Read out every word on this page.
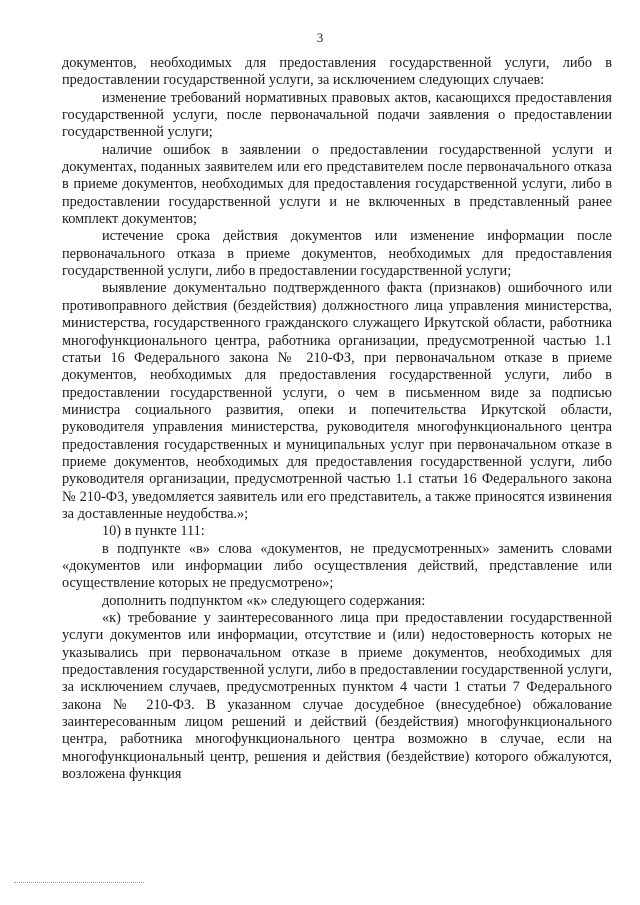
3

документов, необходимых для предоставления государственной услуги, либо в предоставлении государственной услуги, за исключением следующих случаев:

изменение требований нормативных правовых актов, касающихся предоставления государственной услуги, после первоначальной подачи заявления о предоставлении государственной услуги;

наличие ошибок в заявлении о предоставлении государственной услуги и документах, поданных заявителем или его представителем после первоначального отказа в приеме документов, необходимых для предоставления государственной услуги, либо в предоставлении государственной услуги и не включенных в представленный ранее комплект документов;

истечение срока действия документов или изменение информации после первоначального отказа в приеме документов, необходимых для предоставления государственной услуги, либо в предоставлении государственной услуги;

выявление документально подтвержденного факта (признаков) ошибочного или противоправного действия (бездействия) должностного лица управления министерства, министерства, государственного гражданского служащего Иркутской области, работника многофункционального центра, работника организации, предусмотренной частью 1.1 статьи 16 Федерального закона № 210-ФЗ, при первоначальном отказе в приеме документов, необходимых для предоставления государственной услуги, либо в предоставлении государственной услуги, о чем в письменном виде за подписью министра социального развития, опеки и попечительства Иркутской области, руководителя управления министерства, руководителя многофункционального центра предоставления государственных и муниципальных услуг при первоначальном отказе в приеме документов, необходимых для предоставления государственной услуги, либо руководителя организации, предусмотренной частью 1.1 статьи 16 Федерального закона № 210-ФЗ, уведомляется заявитель или его представитель, а также приносятся извинения за доставленные неудобства.»;

10) в пункте 111:

в подпункте «в» слова «документов, не предусмотренных» заменить словами «документов или информации либо осуществления действий, представление или осуществление которых не предусмотрено»;

дополнить подпунктом «к» следующего содержания:

«к) требование у заинтересованного лица при предоставлении государственной услуги документов или информации, отсутствие и (или) недостоверность которых не указывались при первоначальном отказе в приеме документов, необходимых для предоставления государственной услуги, либо в предоставлении государственной услуги, за исключением случаев, предусмотренных пунктом 4 части 1 статьи 7 Федерального закона № 210-ФЗ. В указанном случае досудебное (внесудебное) обжалование заинтересованным лицом решений и действий (бездействия) многофункционального центра, работника многофункционального центра возможно в случае, если на многофункциональный центр, решения и действия (бездействие) которого обжалуются, возложена функция
